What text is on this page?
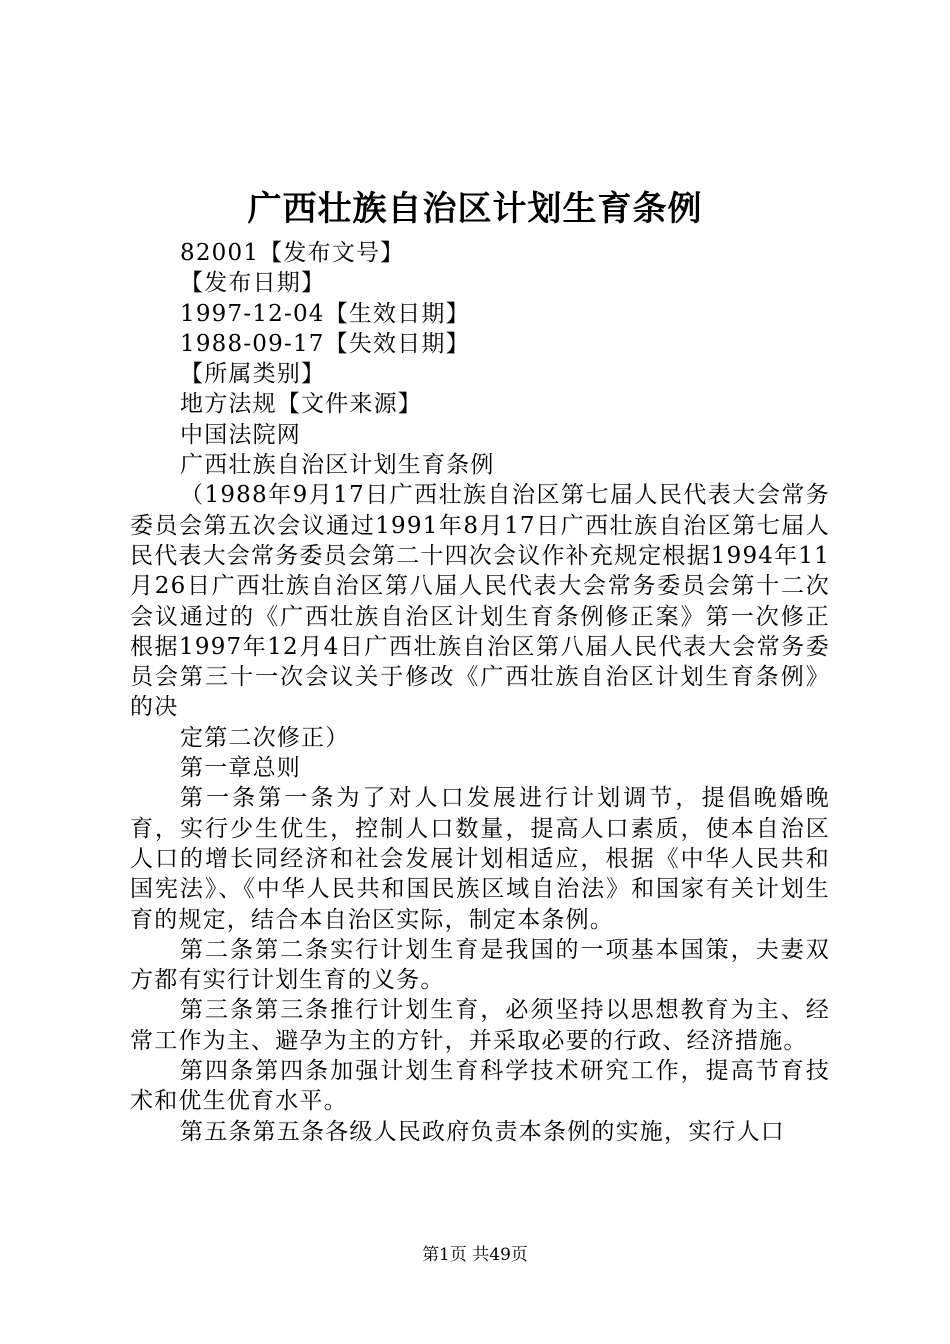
广西壮族自治区计划生育条例

82001【发布文号】

【发布日期】

1997-12-04【生效日期】

1988-09-17【失效日期】

【所属类别】

地方法规【文件来源】

中国法院网

广西壮族自治区计划生育条例

（1988年9月17日广西壮族自治区第七届人民代表大会常务委员会第五次会议通过1991年8月17日广西壮族自治区第七届人民代表大会常务委员会第二十四次会议作补充规定根据1994年11月26日广西壮族自治区第八届人民代表大会常务委员会第十二次会议通过的《广西壮族自治区计划生育条例修正案》第一次修正根据1997年12月4日广西壮族自治区第八届人民代表大会常务委员会第三十一次会议关于修改《广西壮族自治区计划生育条例》的决

定第二次修正）

第一章总则

第一条第一条为了对人口发展进行计划调节，提倡晚婚晚育，实行少生优生，控制人口数量，提高人口素质，使本自治区人口的增长同经济和社会发展计划相适应，根据《中华人民共和国宪法》、《中华人民共和国民族区域自治法》和国家有关计划生育的规定，结合本自治区实际，制定本条例。

第二条第二条实行计划生育是我国的一项基本国策，夫妻双方都有实行计划生育的义务。

第三条第三条推行计划生育，必须坚持以思想教育为主、经常工作为主、避孕为主的方针，并采取必要的行政、经济措施。

第四条第四条加强计划生育科学技术研究工作，提高节育技术和优生优育水平。

第五条第五条各级人民政府负责本条例的实施，实行人口

第1页 共49页
